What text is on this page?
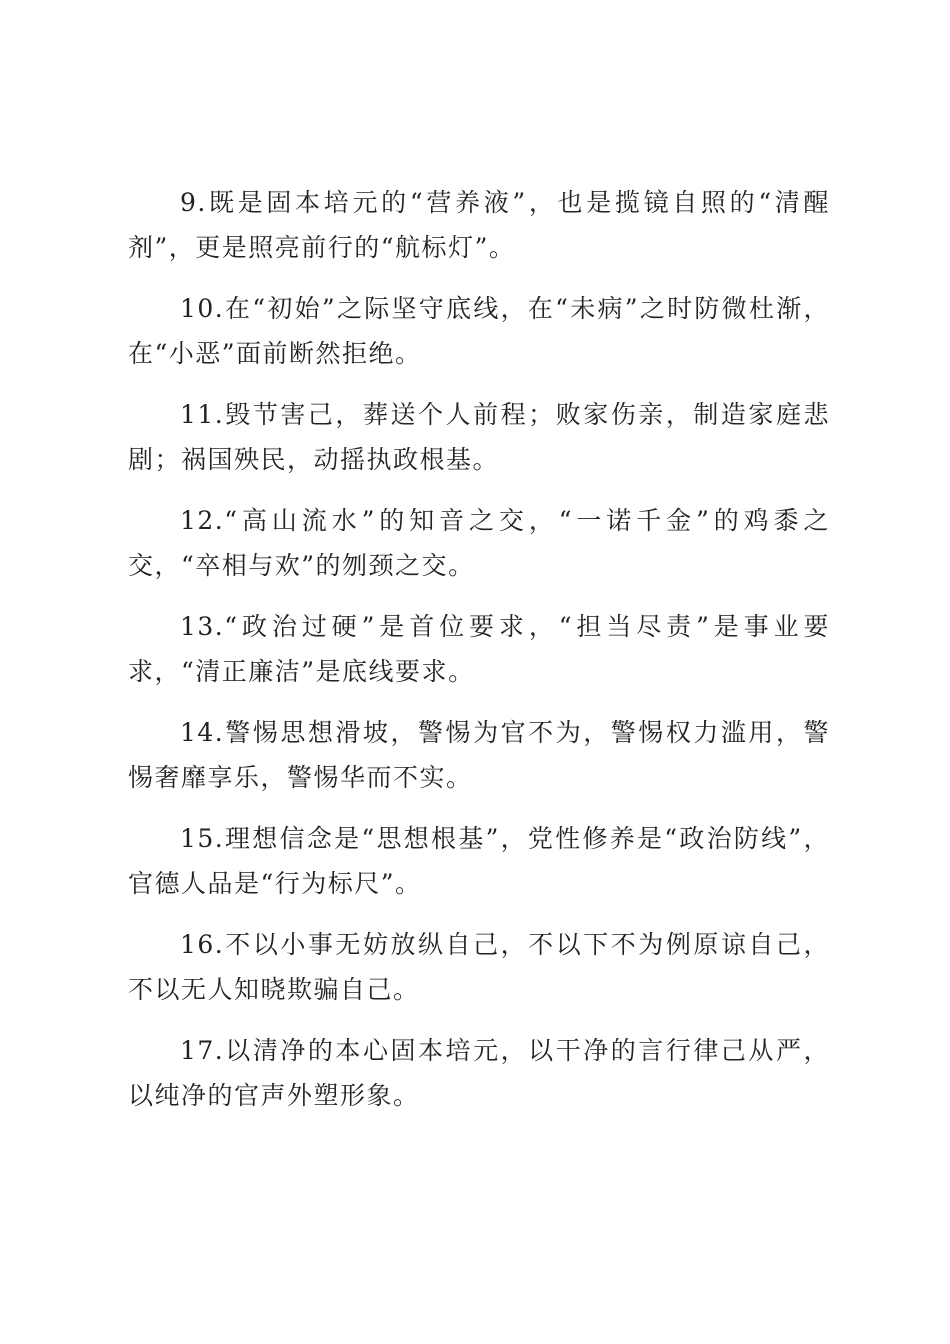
9.既是固本培元的“营养液”，也是揽镜自照的“清醒剂”，更是照亮前行的“航标灯”。

10.在“初始”之际坚守底线，在“未病”之时防微杜渐，在“小恶”面前断然拒绝。

11.毁节害己，葬送个人前程；败家伤亲，制造家庭悲剧；祸国殃民，动摇执政根基。

12.“高山流水”的知音之交，“一诺千金”的鸡黍之交，“卒相与欢”的刎颈之交。

13.“政治过硬”是首位要求，“担当尽责”是事业要求，“清正廉洁”是底线要求。

14.警惕思想滑坡，警惕为官不为，警惕权力滥用，警惕奢靡享乐，警惕华而不实。

15.理想信念是“思想根基”，党性修养是“政治防线”，官德人品是“行为标尺”。

16.不以小事无妨放纵自己，不以下不为例原谅自己，不以无人知晓欺骗自己。

17.以清净的本心固本培元，以干净的言行律己从严，以纯净的官声外塑形象。
